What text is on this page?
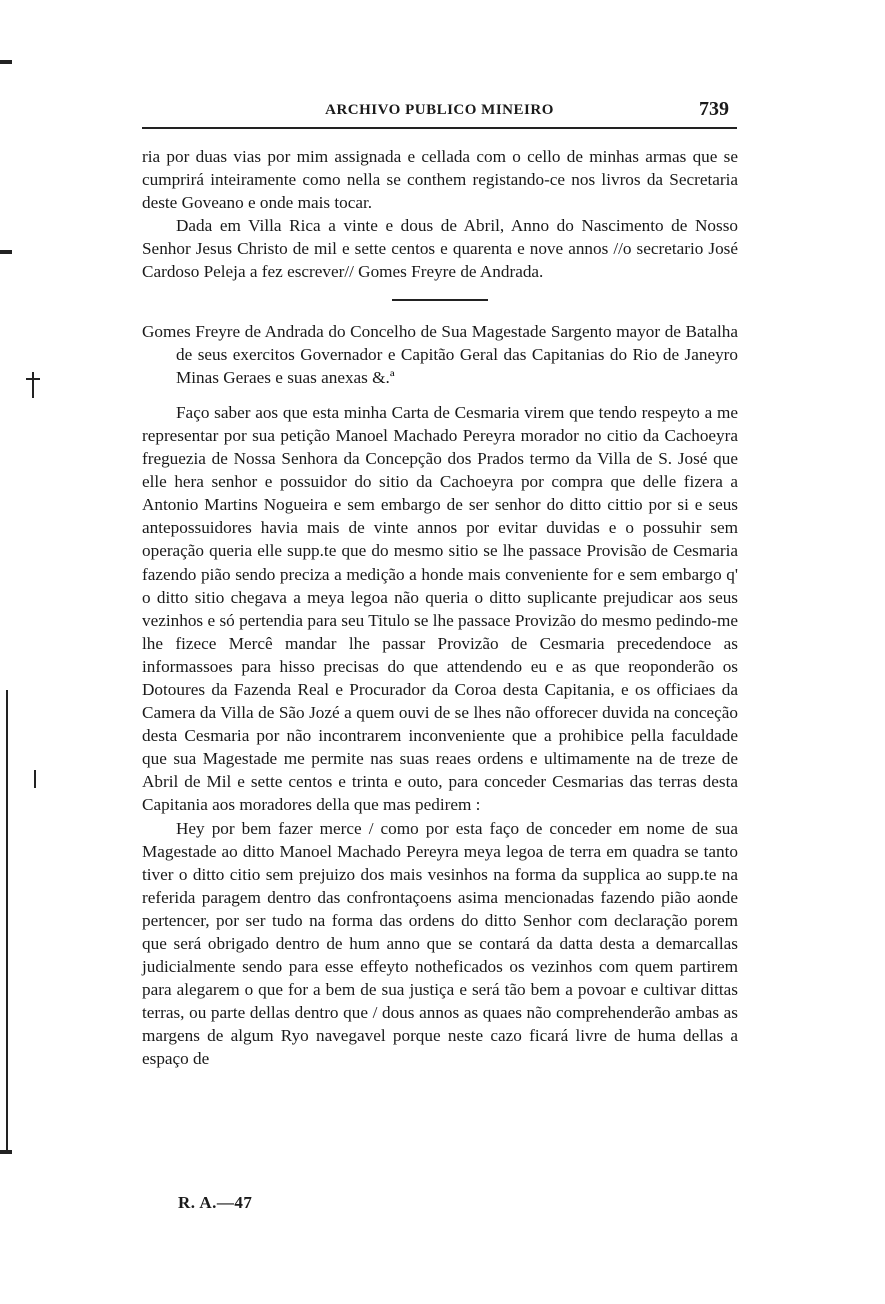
ARCHIVO PUBLICO MINEIRO	739

ria por duas vias por mim assignada e cellada com o cello de minhas armas que se cumprirá inteiramente como nella se conthem registando-ce nos livros da Secretaria deste Goveano e onde mais tocar.

Dada em Villa Rica a vinte e dous de Abril, Anno do Nascimento de Nosso Senhor Jesus Christo de mil e sette centos e quarenta e nove annos //o secretario José Cardoso Peleja a fez escrever// Gomes Freyre de Andrada.

Gomes Freyre de Andrada do Concelho de Sua Magestade Sargento mayor de Batalha de seus exercitos Governador e Capitão Geral das Capitanias do Rio de Janeyro Minas Geraes e suas anexas &.ª

Faço saber aos que esta minha Carta de Cesmaria virem que tendo respeyto a me representar por sua petição Manoel Machado Pereyra morador no citio da Cachoeyra freguezia de Nossa Senhora da Concepção dos Prados termo da Villa de S. José que elle hera senhor e possuidor do sitio da Cachoeyra por compra que delle fizera a Antonio Martins Nogueira e sem embargo de ser senhor do ditto cittio por si e seus antepossuidores havia mais de vinte annos por evitar duvidas e o possuhir sem operação queria elle supp.te que do mesmo sitio se lhe passace Provisão de Cesmaria fazendo pião sendo preciza a medição a honde mais conveniente for e sem embargo q' o ditto sitio chegava a meya legoa não queria o ditto suplicante prejudicar aos seus vezinhos e só pertendia para seu Titulo se lhe passace Provizão do mesmo pedindo-me lhe fizece Mercê mandar lhe passar Provizão de Cesmaria precedendoce as informassoes para hisso precisas do que attendendo eu e as que reoponderão os Dotoures da Fazenda Real e Procurador da Coroa desta Capitania, e os officiaes da Camera da Villa de São Jozé a quem ouvi de se lhes não offorecer duvida na conceção desta Cesmaria por não incontrarem inconveniente que a prohibice pella faculdade que sua Magestade me permite nas suas reaes ordens e ultimamente na de treze de Abril de Mil e sette centos e trinta e outo, para conceder Cesmarias das terras desta Capitania aos moradores della que mas pedirem :

Hey por bem fazer merce / como por esta faço de conceder em nome de sua Magestade ao ditto Manoel Machado Pereyra meya legoa de terra em quadra se tanto tiver o ditto citio sem prejuizo dos mais vesinhos na forma da supplica ao supp.te na referida paragem dentro das confrontaçoens asima mencionadas fazendo pião aonde pertencer, por ser tudo na forma das ordens do ditto Senhor com declaração porem que será obrigado dentro de hum anno que se contará da datta desta a demarcallas judicialmente sendo para esse effeyto notheficados os vezinhos com quem partirem para alegarem o que for a bem de sua justiça e será tão bem a povoar e cultivar dittas terras, ou parte dellas dentro que / dous annos as quaes não comprehenderão ambas as margens de algum Ryo navegavel porque neste cazo ficará livre de huma dellas a espaço de

R. A.—47
